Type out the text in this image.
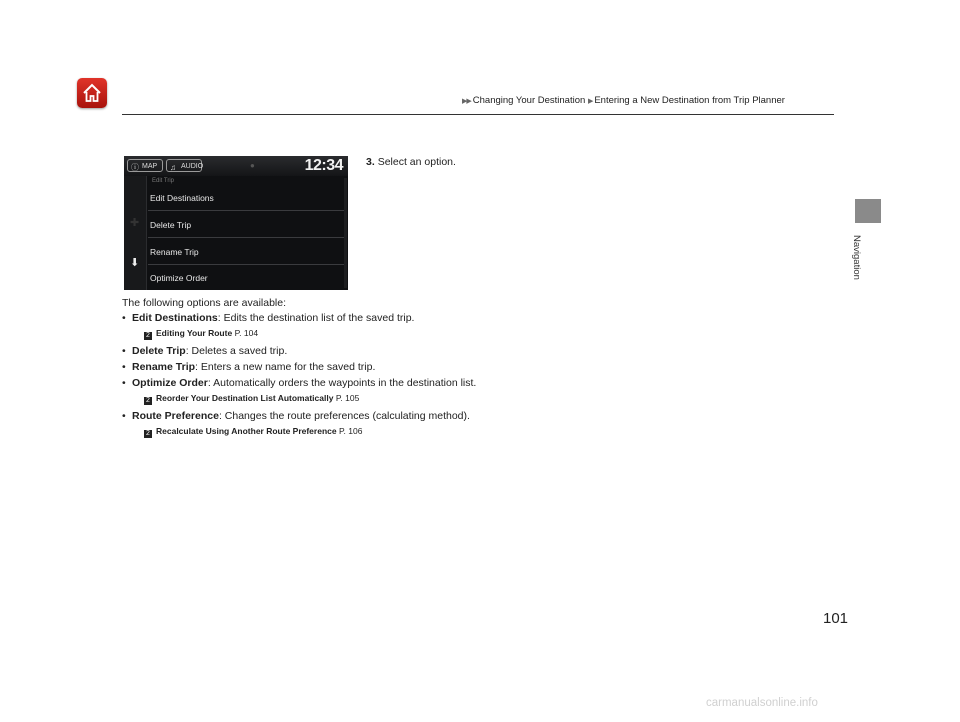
▶▶ Changing Your Destination ▶ Entering a New Destination from Trip Planner
Navigation
ⓘ MAP	♫ AUDIO	●	12:34
✚
⬇
Edit Trip
Edit Destinations
Delete Trip
Rename Trip
Optimize Order
3. Select an option.
The following options are available:
• Edit Destinations: Edits the destination list of the saved trip.
2 Editing Your Route P. 104
• Delete Trip: Deletes a saved trip.
• Rename Trip: Enters a new name for the saved trip.
• Optimize Order: Automatically orders the waypoints in the destination list.
2 Reorder Your Destination List Automatically P. 105
• Route Preference: Changes the route preferences (calculating method).
2 Recalculate Using Another Route Preference P. 106
101
carmanualsonline.info
